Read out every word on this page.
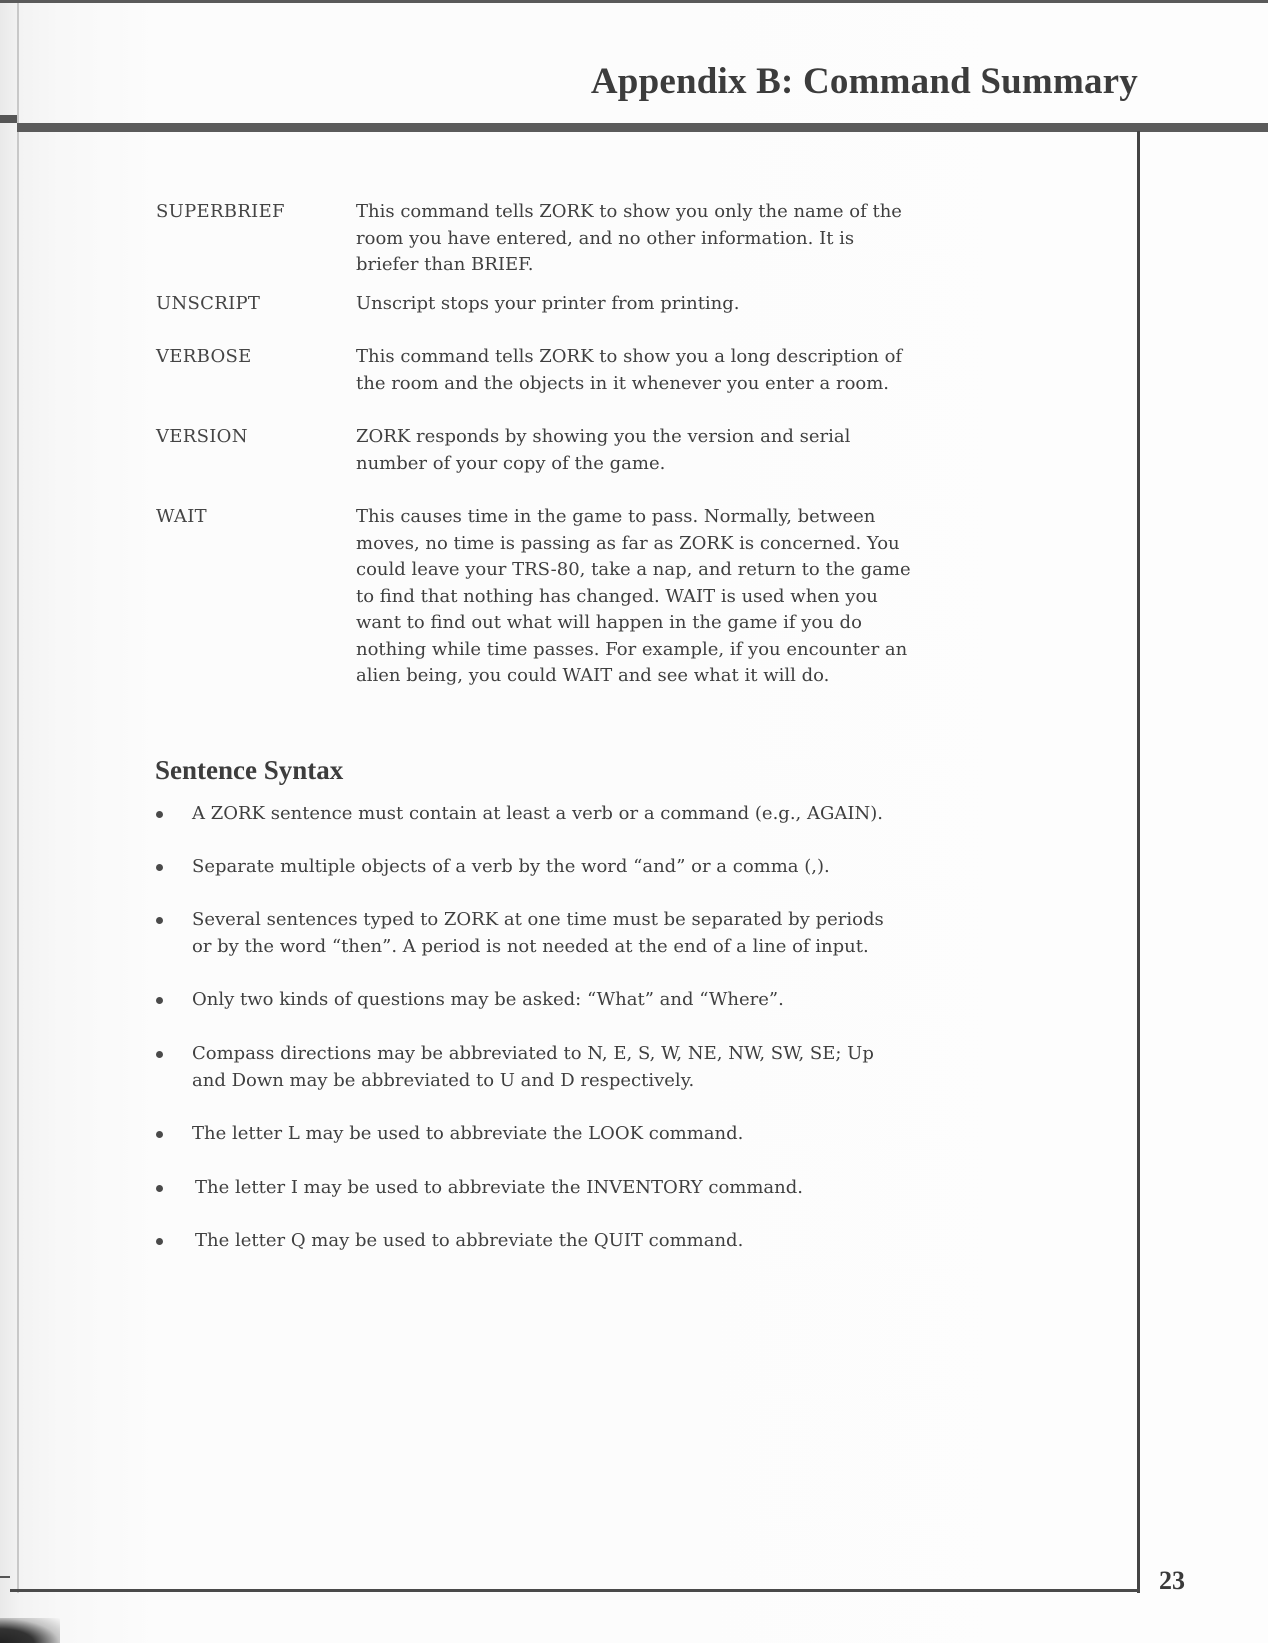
Appendix B: Command Summary
SUPERBRIEF	This command tells ZORK to show you only the name of the
room you have entered, and no other information. It is
briefer than BRIEF.
UNSCRIPT	Unscript stops your printer from printing.
VERBOSE	This command tells ZORK to show you a long description of
the room and the objects in it whenever you enter a room.
VERSION	ZORK responds by showing you the version and serial
number of your copy of the game.
WAIT	This causes time in the game to pass. Normally, between
moves, no time is passing as far as ZORK is concerned. You
could leave your TRS-80, take a nap, and return to the game
to find that nothing has changed. WAIT is used when you
want to find out what will happen in the game if you do
nothing while time passes. For example, if you encounter an
alien being, you could WAIT and see what it will do.
Sentence Syntax
A ZORK sentence must contain at least a verb or a command (e.g., AGAIN).
Separate multiple objects of a verb by the word “and” or a comma (,).
Several sentences typed to ZORK at one time must be separated by periods
or by the word “then”. A period is not needed at the end of a line of input.
Only two kinds of questions may be asked: “What” and “Where”.
Compass directions may be abbreviated to N, E, S, W, NE, NW, SW, SE; Up
and Down may be abbreviated to U and D respectively.
The letter L may be used to abbreviate the LOOK command.
The letter I may be used to abbreviate the INVENTORY command.
The letter Q may be used to abbreviate the QUIT command.
23
